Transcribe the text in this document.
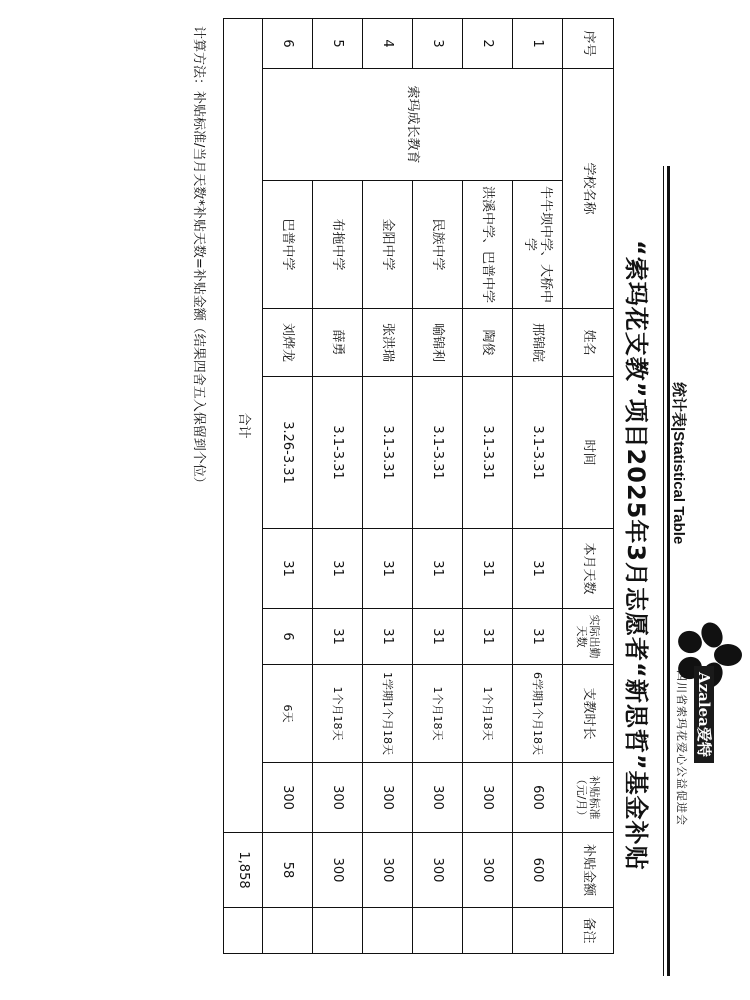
Azalea爱特
四川省索玛花爱心公益促进会
统计表|Statistical Table
“索玛花支教”项目2025年3月志愿者“新思哲”基金补贴
序号	学校名称		姓名	时间	本月天数	实际出勤天数	支教时长	补贴标准（元/月）	补贴金额	备注
1	索玛成长教育	牛牛坝中学、大桥中学	邢锦皖	3.1-3.31	31	31	6学期1个月18天	600	600	
2		洪溪中学、巴普中学	陶俊	3.1-3.31	31	31	1个月18天	300	300	
3		民族中学	喻锦利	3.1-3.31	31	31	1个月18天	300	300	
4		金阳中学	张洪瑞	3.1-3.31	31	31	1学期1个月18天	300	300	
5		布拖中学	薛勇	3.1-3.31	31	31	1个月18天	300	300	
6		巴普中学	刘烨龙	3.26-3.31	31	6	6天	300	58	
合计									1,858	
计算方法：补贴标准/当月天数*补贴天数=补贴金额（结果四舍五入保留到个位）
